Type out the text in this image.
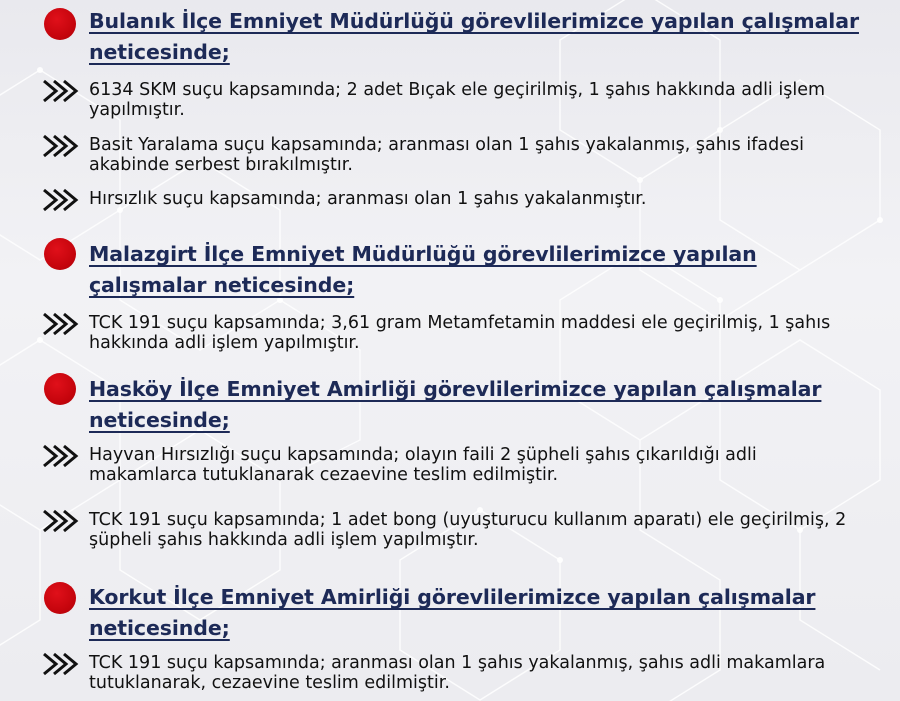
Bulanık İlçe Emniyet Müdürlüğü görevlilerimizce yapılan çalışmalar neticesinde;

6134 SKM suçu kapsamında; 2 adet Bıçak ele geçirilmiş, 1 şahıs hakkında adli işlem yapılmıştır.

Basit Yaralama suçu kapsamında; aranması olan 1 şahıs yakalanmış, şahıs ifadesi akabinde serbest bırakılmıştır.

Hırsızlık suçu kapsamında; aranması olan 1 şahıs yakalanmıştır.

Malazgirt İlçe Emniyet Müdürlüğü görevlilerimizce yapılan çalışmalar neticesinde;

TCK 191 suçu kapsamında; 3,61 gram Metamfetamin maddesi ele geçirilmiş, 1 şahıs hakkında adli işlem yapılmıştır.

Hasköy İlçe Emniyet Amirliği görevlilerimizce yapılan çalışmalar neticesinde;

Hayvan Hırsızlığı suçu kapsamında; olayın faili 2 şüpheli şahıs çıkarıldığı adli makamlarca tutuklanarak cezaevine teslim edilmiştir.

TCK 191 suçu kapsamında; 1 adet bong (uyuşturucu kullanım aparatı) ele geçirilmiş, 2 şüpheli şahıs hakkında adli işlem yapılmıştır.

Korkut İlçe Emniyet Amirliği görevlilerimizce yapılan çalışmalar neticesinde;

TCK 191 suçu kapsamında; aranması olan 1 şahıs yakalanmış, şahıs adli makamlara tutuklanarak, cezaevine teslim edilmiştir.
